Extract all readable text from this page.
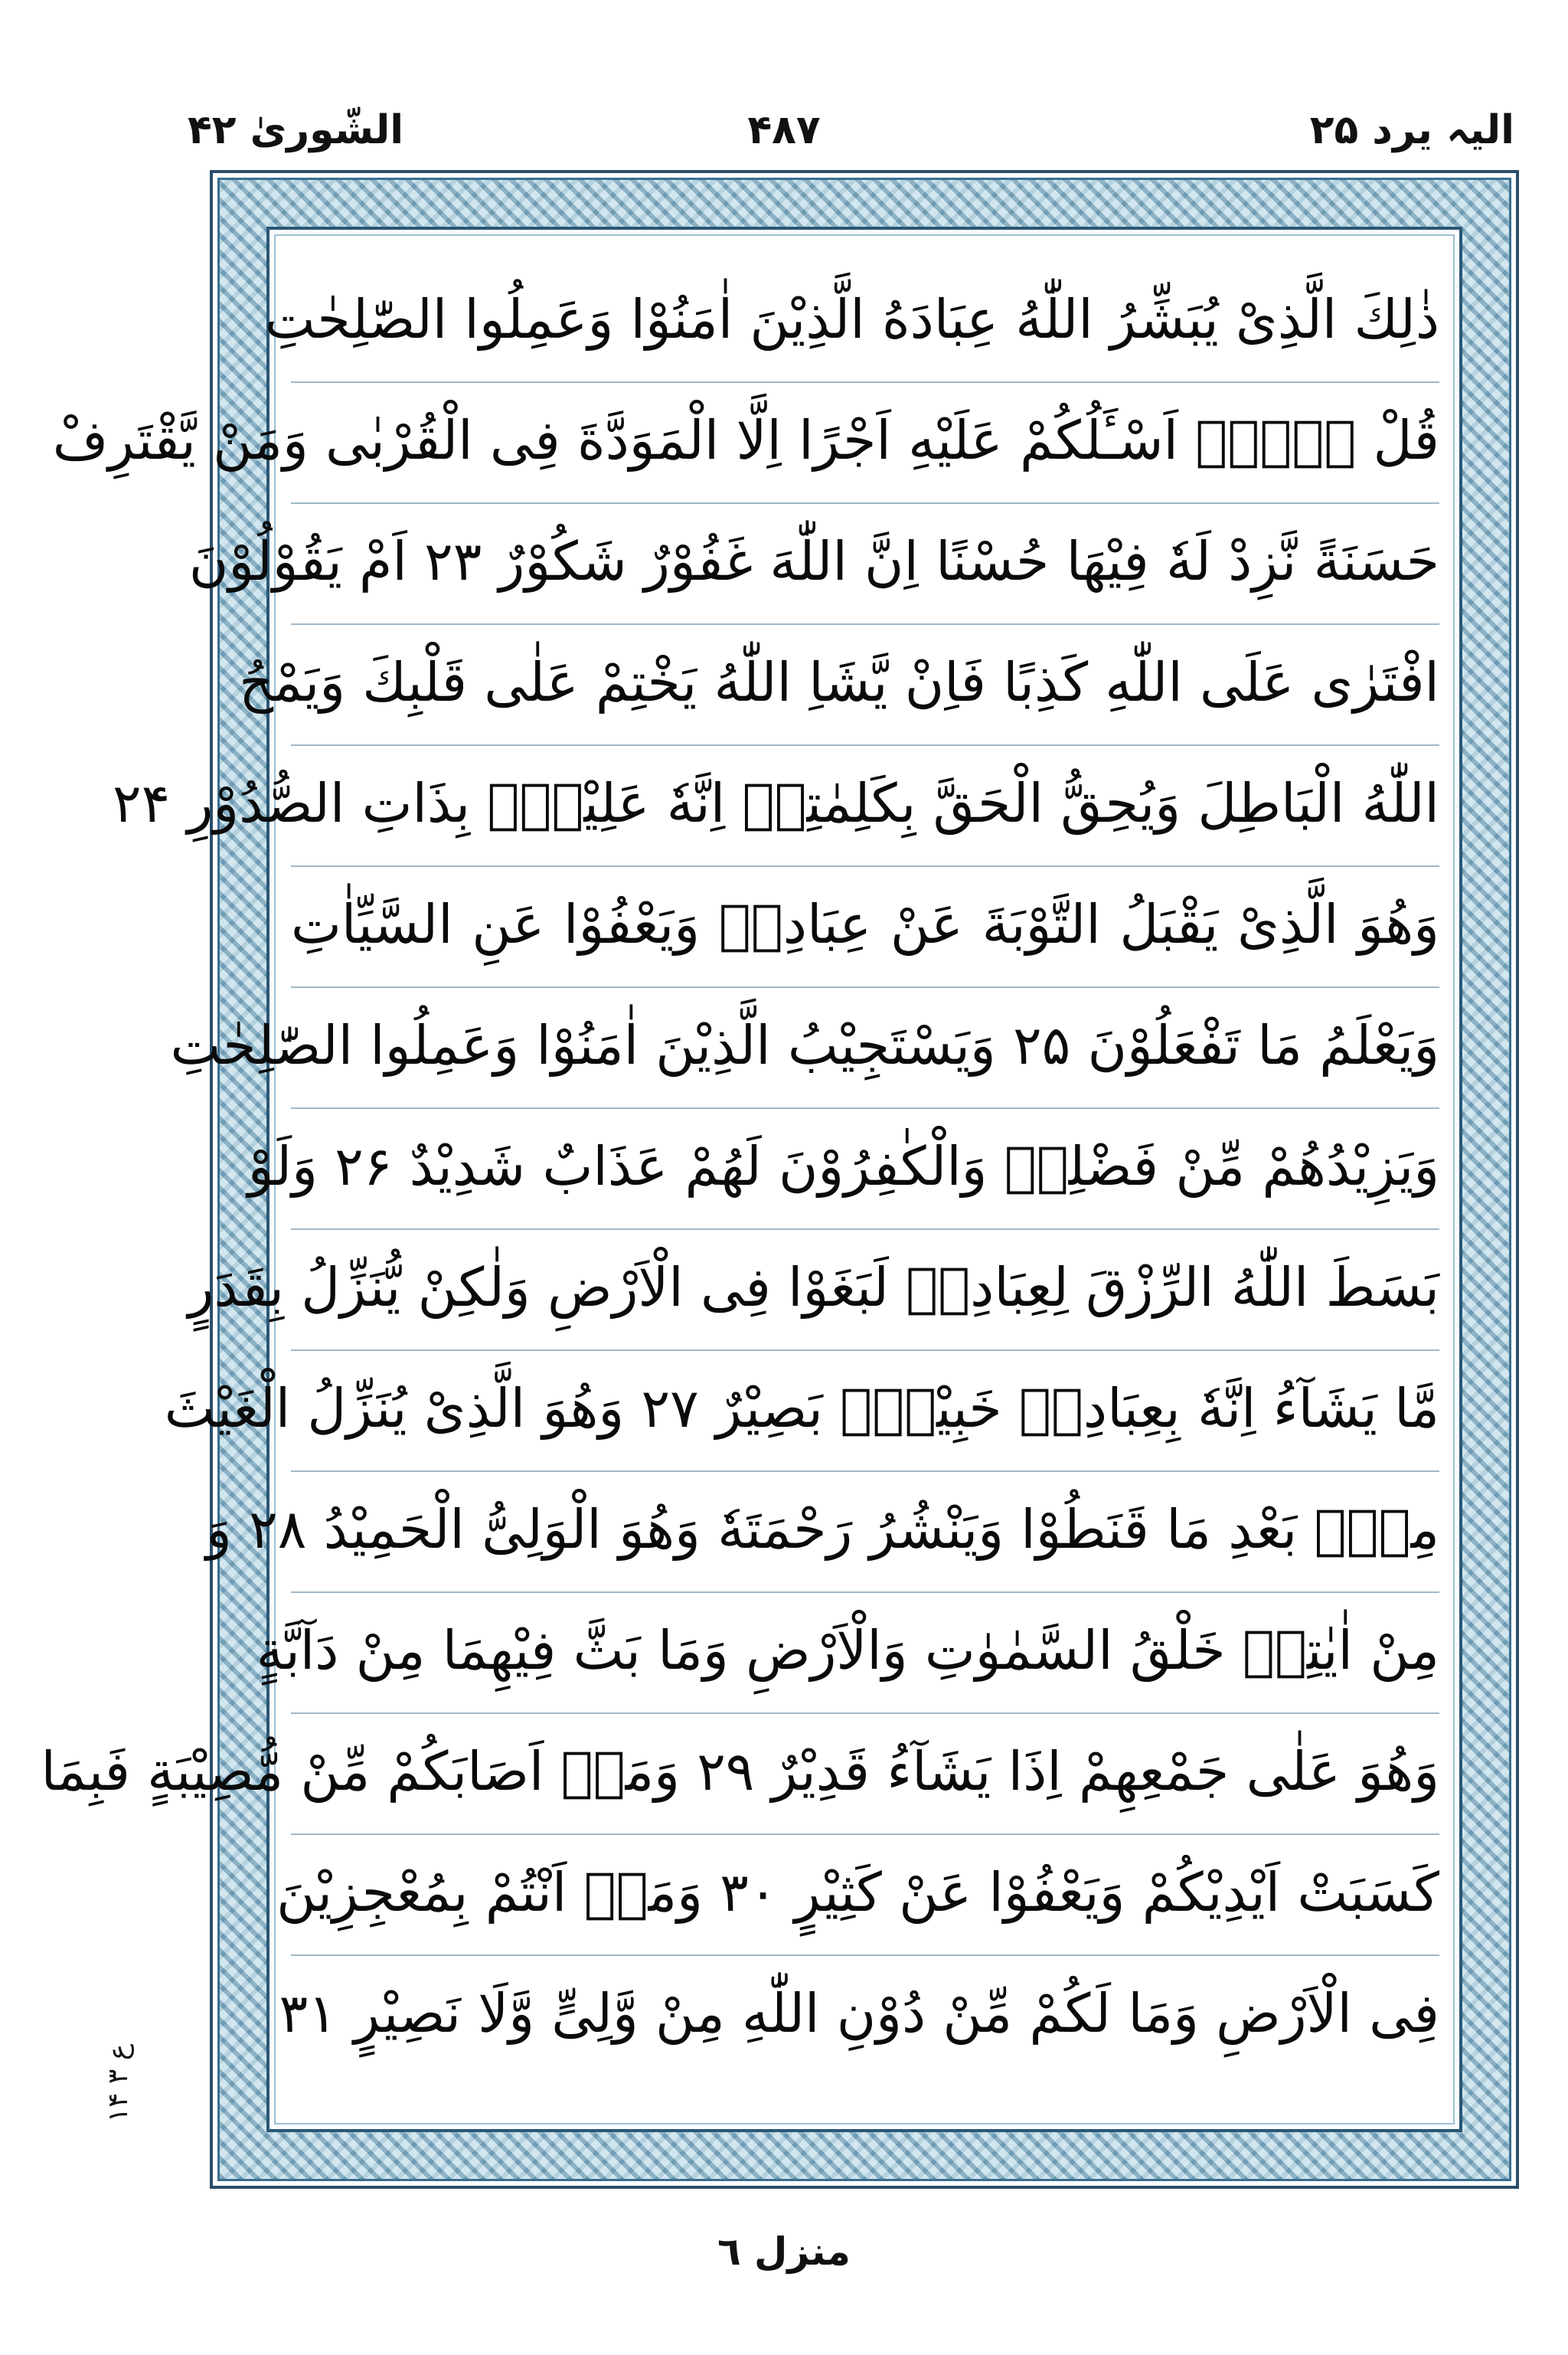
الیہ یرد ۲۵
۴۸۷
الشّوریٰ ۴۲
ذٰلِكَ الَّذِیْ یُبَشِّرُ اللّٰهُ عِبَادَهُ الَّذِیْنَ اٰمَنُوْا وَعَمِلُوا الصّٰلِحٰتِ
قُلْ لَّاۤ اَسْـَٔلُكُمْ عَلَیْهِ اَجْرًا اِلَّا الْمَوَدَّةَ فِی الْقُرْبٰی وَمَنْ یَّقْتَرِفْ
حَسَنَةً نَّزِدْ لَهٗ فِیْهَا حُسْنًا اِنَّ اللّٰهَ غَفُوْرٌ شَكُوْرٌ ۲۳ اَمْ یَقُوْلُوْنَ
افْتَرٰی عَلَی اللّٰهِ كَذِبًا فَاِنْ یَّشَاِ اللّٰهُ یَخْتِمْ عَلٰی قَلْبِكَ وَیَمْحُ
اللّٰهُ الْبَاطِلَ وَیُحِقُّ الْحَقَّ بِكَلِمٰتِهٖ اِنَّهٗ عَلِیْمٌۢ بِذَاتِ الصُّدُوْرِ ۲۴
وَهُوَ الَّذِیْ یَقْبَلُ التَّوْبَةَ عَنْ عِبَادِهٖ وَیَعْفُوْا عَنِ السَّیِّاٰتِ
وَیَعْلَمُ مَا تَفْعَلُوْنَ ۲۵ وَیَسْتَجِیْبُ الَّذِیْنَ اٰمَنُوْا وَعَمِلُوا الصّٰلِحٰتِ
وَیَزِیْدُهُمْ مِّنْ فَضْلِهٖ وَالْكٰفِرُوْنَ لَهُمْ عَذَابٌ شَدِیْدٌ ۲۶ وَلَوْ
بَسَطَ اللّٰهُ الرِّزْقَ لِعِبَادِهٖ لَبَغَوْا فِی الْاَرْضِ وَلٰكِنْ یُّنَزِّلُ بِقَدَرٍ
مَّا یَشَآءُ اِنَّهٗ بِعِبَادِهٖ خَبِیْرٌۢ بَصِیْرٌ ۲۷ وَهُوَ الَّذِیْ یُنَزِّلُ الْغَیْثَ
مِنْۢ بَعْدِ مَا قَنَطُوْا وَیَنْشُرُ رَحْمَتَهٗ وَهُوَ الْوَلِیُّ الْحَمِیْدُ ۲۸ وَ
مِنْ اٰیٰتِهٖ خَلْقُ السَّمٰوٰتِ وَالْاَرْضِ وَمَا بَثَّ فِیْهِمَا مِنْ دَآبَّةٍ
وَهُوَ عَلٰی جَمْعِهِمْ اِذَا یَشَآءُ قَدِیْرٌ ۲۹ وَمَاۤ اَصَابَكُمْ مِّنْ مُّصِیْبَةٍ فَبِمَا
كَسَبَتْ اَیْدِیْكُمْ وَیَعْفُوْا عَنْ كَثِیْرٍ ۳۰ وَمَاۤ اَنْتُمْ بِمُعْجِزِیْنَ
فِی الْاَرْضِ وَمَا لَكُمْ مِّنْ دُوْنِ اللّٰهِ مِنْ وَّلِیٍّ وَّلَا نَصِیْرٍ ۳۱
ع ۳ ۱۴
منزل ٦
